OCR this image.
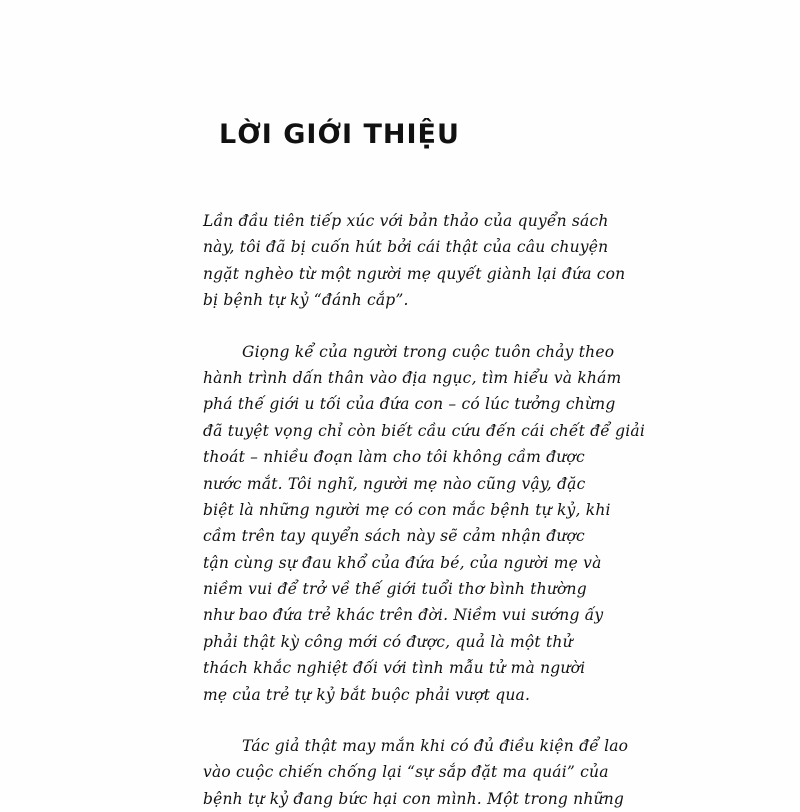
LỜI GIỚI THIỆU
Lần đầu tiên tiếp xúc với bản thảo của quyển sách
này, tôi đã bị cuốn hút bởi cái thật của câu chuyện
ngặt nghèo từ một người mẹ quyết giành lại đứa con
bị bệnh tự kỷ “đánh cắp”.
Giọng kể của người trong cuộc tuôn chảy theo
hành trình dấn thân vào địa ngục, tìm hiểu và khám
phá thế giới u tối của đứa con – có lúc tưởng chừng
đã tuyệt vọng chỉ còn biết cầu cứu đến cái chết để giải
thoát – nhiều đoạn làm cho tôi không cầm được
nước mắt. Tôi nghĩ, người mẹ nào cũng vậy, đặc
biệt là những người mẹ có con mắc bệnh tự kỷ, khi
cầm trên tay quyển sách này sẽ cảm nhận được
tận cùng sự đau khổ của đứa bé, của người mẹ và
niềm vui để trở về thế giới tuổi thơ bình thường
như bao đứa trẻ khác trên đời. Niềm vui sướng ấy
phải thật kỳ công mới có được, quả là một thử
thách khắc nghiệt đối với tình mẫu tử mà người
mẹ của trẻ tự kỷ bắt buộc phải vượt qua.
Tác giả thật may mắn khi có đủ điều kiện để lao
vào cuộc chiến chống lại “sự sắp đặt ma quái” của
bệnh tự kỷ đang bức hại con mình. Một trong những
